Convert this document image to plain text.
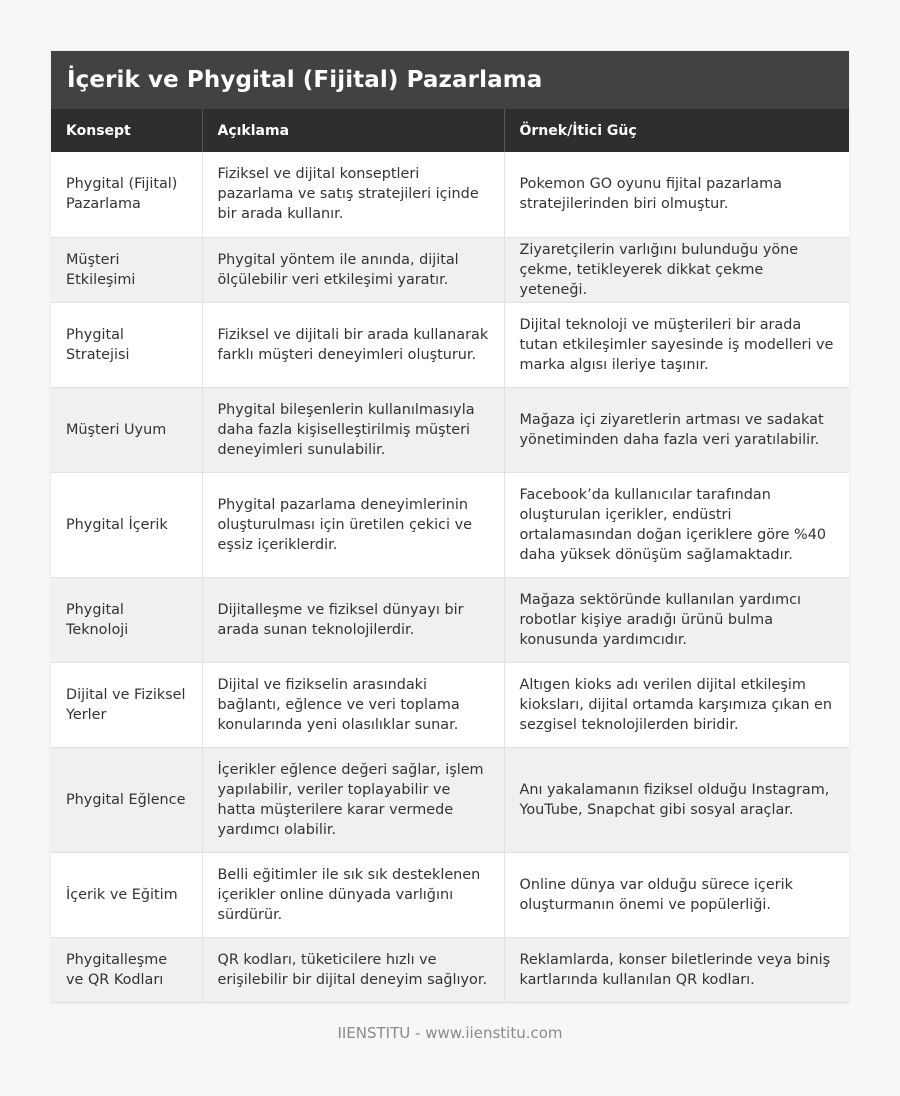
İçerik ve Phygital (Fijital) Pazarlama
Konsept	Açıklama	Örnek/İtici Güç
Phygital (Fijital) Pazarlama	Fiziksel ve dijital konseptleri pazarlama ve satış stratejileri içinde bir arada kullanır.	Pokemon GO oyunu fijital pazarlama stratejilerinden biri olmuştur.
Müşteri Etkileşimi	Phygital yöntem ile anında, dijital ölçülebilir veri etkileşimi yaratır.	Ziyaretçilerin varlığını bulunduğu yöne çekme, tetikleyerek dikkat çekme yeteneği.
Phygital Stratejisi	Fiziksel ve dijitali bir arada kullanarak farklı müşteri deneyimleri oluşturur.	Dijital teknoloji ve müşterileri bir arada tutan etkileşimler sayesinde iş modelleri ve marka algısı ileriye taşınır.
Müşteri Uyum	Phygital bileşenlerin kullanılmasıyla daha fazla kişiselleştirilmiş müşteri deneyimleri sunulabilir.	Mağaza içi ziyaretlerin artması ve sadakat yönetiminden daha fazla veri yaratılabilir.
Phygital İçerik	Phygital pazarlama deneyimlerinin oluşturulması için üretilen çekici ve eşsiz içeriklerdir.	Facebook’da kullanıcılar tarafından oluşturulan içerikler, endüstri ortalamasından doğan içeriklere göre %40 daha yüksek dönüşüm sağlamaktadır.
Phygital Teknoloji	Dijitalleşme ve fiziksel dünyayı bir arada sunan teknolojilerdir.	Mağaza sektöründe kullanılan yardımcı robotlar kişiye aradığı ürünü bulma konusunda yardımcıdır.
Dijital ve Fiziksel Yerler	Dijital ve fizikselin arasındaki bağlantı, eğlence ve veri toplama konularında yeni olasılıklar sunar.	Altıgen kioks adı verilen dijital etkileşim kioksları, dijital ortamda karşımıza çıkan en sezgisel teknolojilerden biridir.
Phygital Eğlence	İçerikler eğlence değeri sağlar, işlem yapılabilir, veriler toplayabilir ve hatta müşterilere karar vermede yardımcı olabilir.	Anı yakalamanın fiziksel olduğu Instagram, YouTube, Snapchat gibi sosyal araçlar.
İçerik ve Eğitim	Belli eğitimler ile sık sık desteklenen içerikler online dünyada varlığını sürdürür.	Online dünya var olduğu sürece içerik oluşturmanın önemi ve popülerliği.
Phygitalleşme ve QR Kodları	QR kodları, tüketicilere hızlı ve erişilebilir bir dijital deneyim sağlıyor.	Reklamlarda, konser biletlerinde veya biniş kartlarında kullanılan QR kodları.
IIENSTITU - www.iienstitu.com
